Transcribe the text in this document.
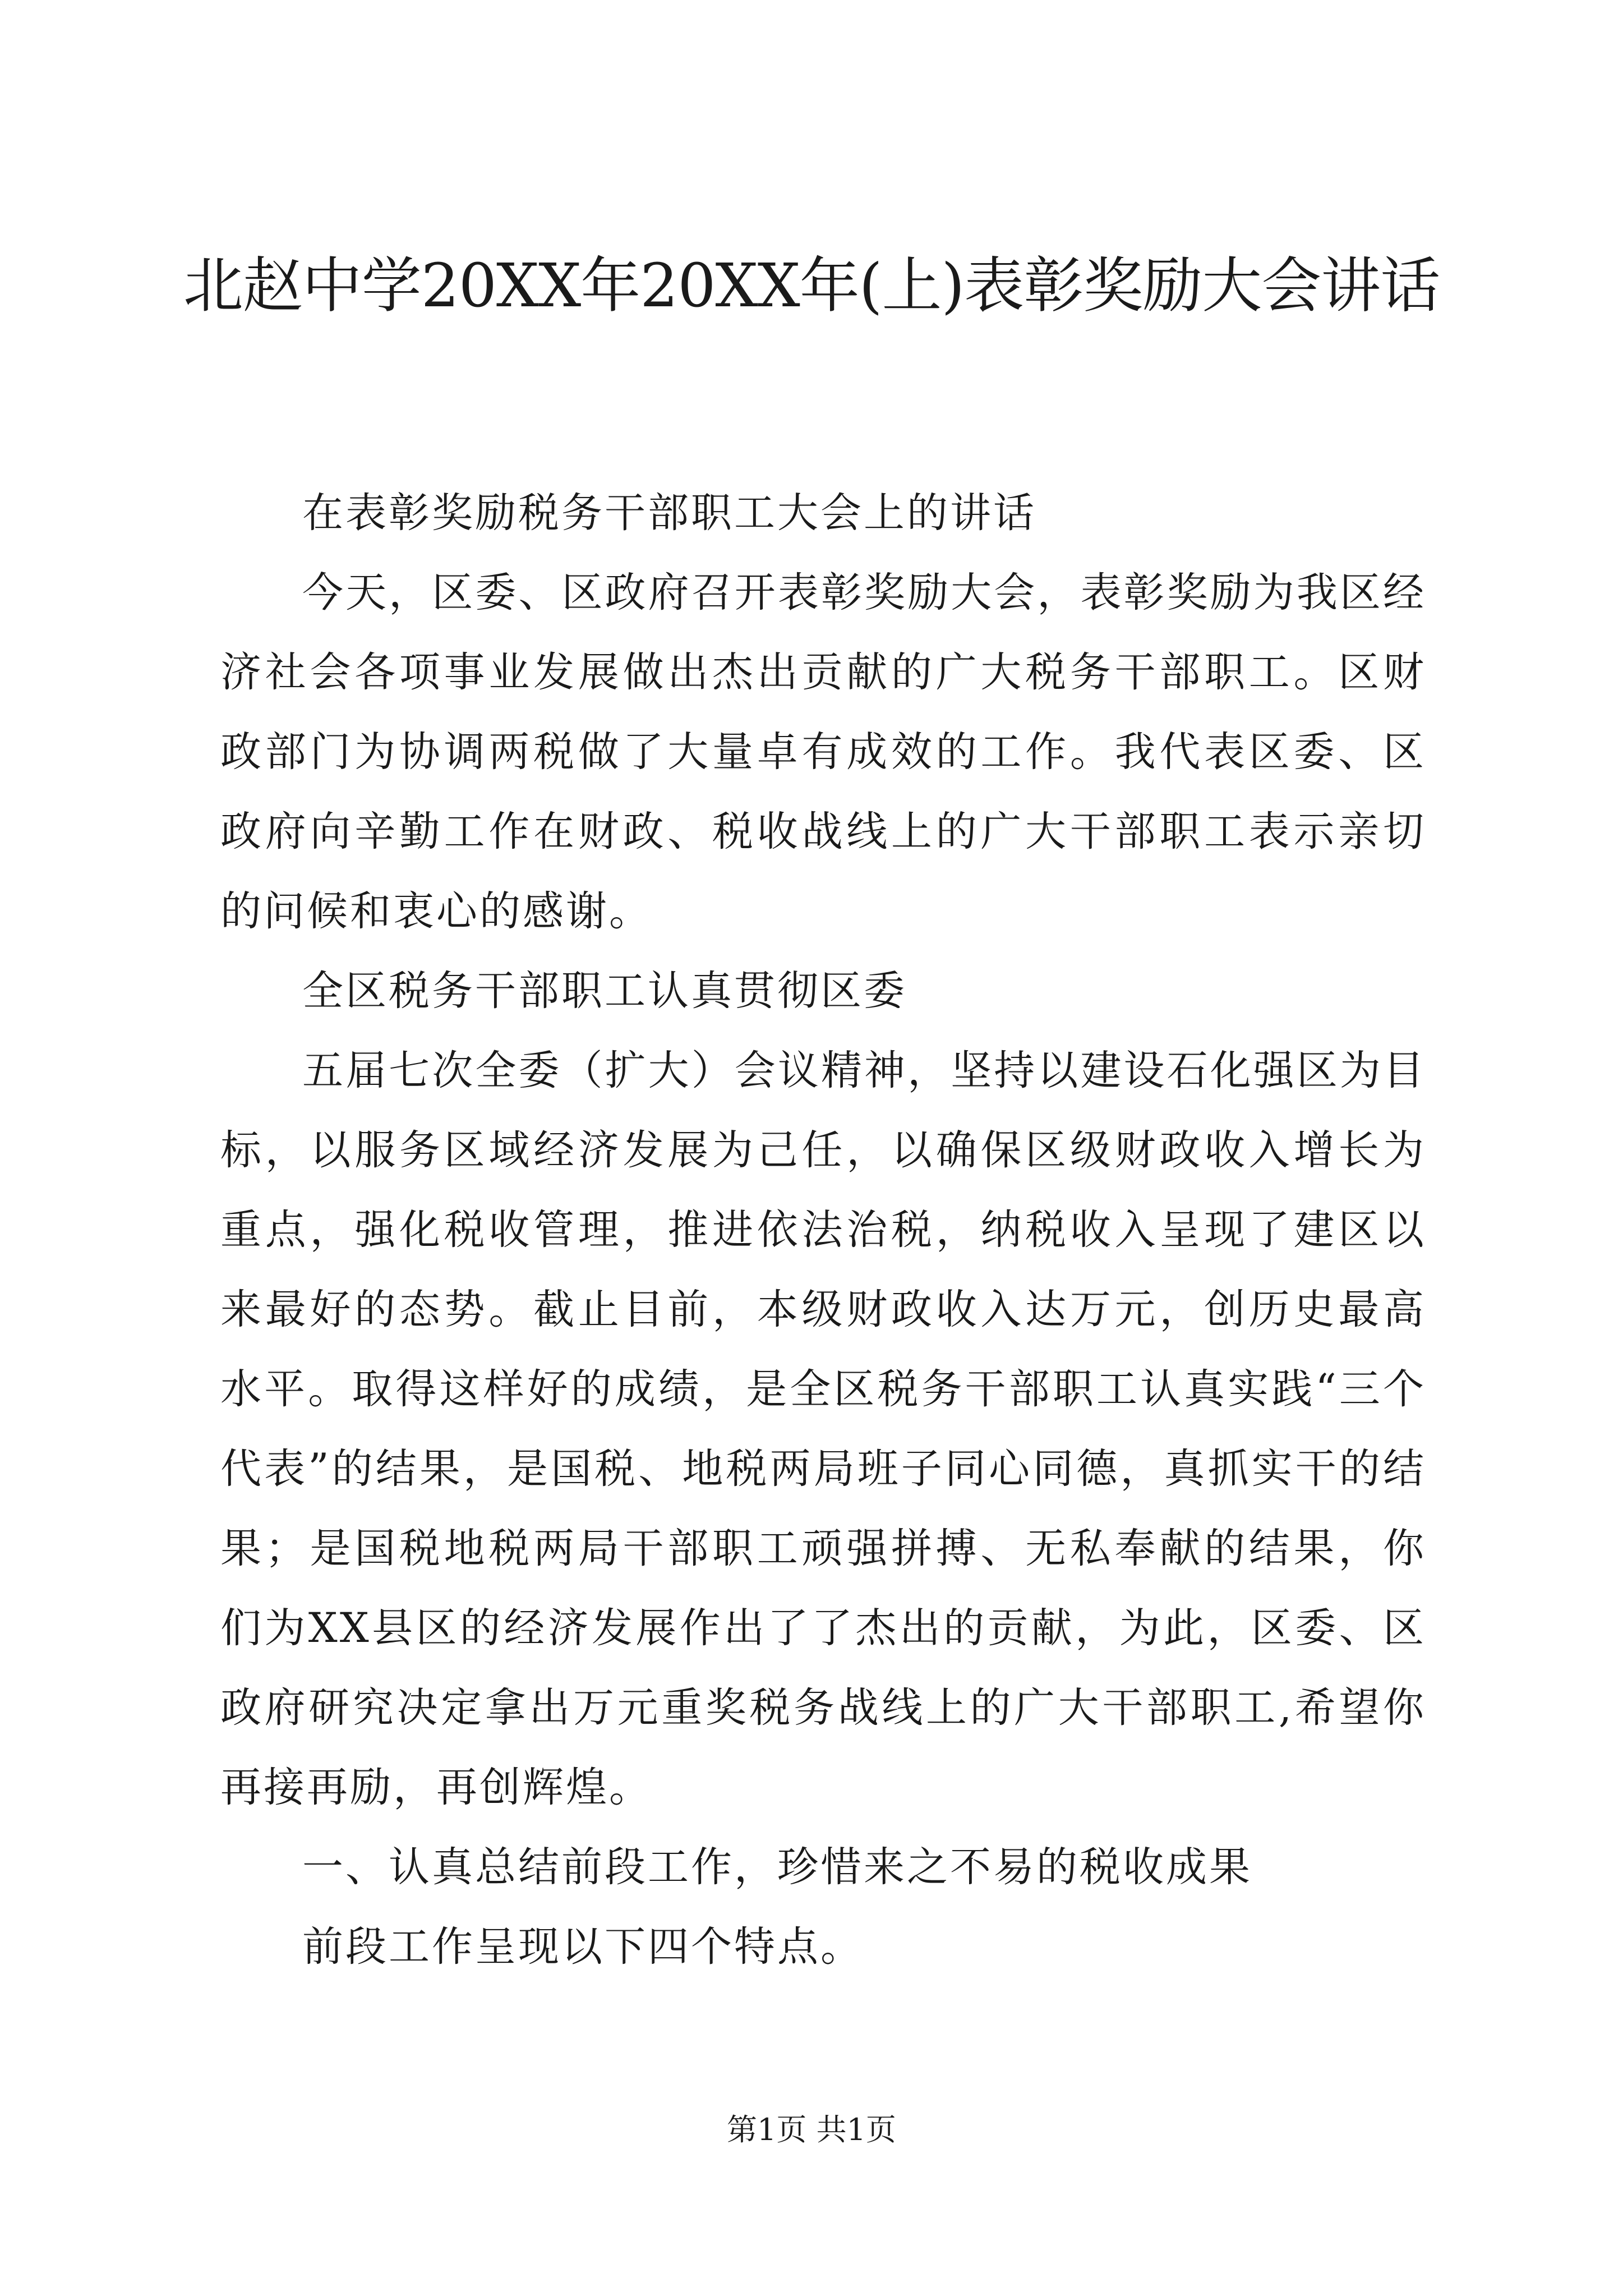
北赵中学20XX年20XX年(上)表彰奖励大会讲话

在表彰奖励税务干部职工大会上的讲话

今天，区委、区政府召开表彰奖励大会，表彰奖励为我区经济社会各项事业发展做出杰出贡献的广大税务干部职工。区财政部门为协调两税做了大量卓有成效的工作。我代表区委、区政府向辛勤工作在财政、税收战线上的广大干部职工表示亲切的问候和衷心的感谢。

全区税务干部职工认真贯彻区委

五届七次全委（扩大）会议精神，坚持以建设石化强区为目标，以服务区域经济发展为己任，以确保区级财政收入增长为重点，强化税收管理，推进依法治税，纳税收入呈现了建区以来最好的态势。截止目前，本级财政收入达万元，创历史最高水平。取得这样好的成绩，是全区税务干部职工认真实践“三个代表”的结果，是国税、地税两局班子同心同德，真抓实干的结果；是国税地税两局干部职工顽强拼搏、无私奉献的结果，你们为XX县区的经济发展作出了了杰出的贡献，为此，区委、区政府研究决定拿出万元重奖税务战线上的广大干部职工,希望你再接再励，再创辉煌。

一、认真总结前段工作，珍惜来之不易的税收成果

前段工作呈现以下四个特点。

第1页 共1页
